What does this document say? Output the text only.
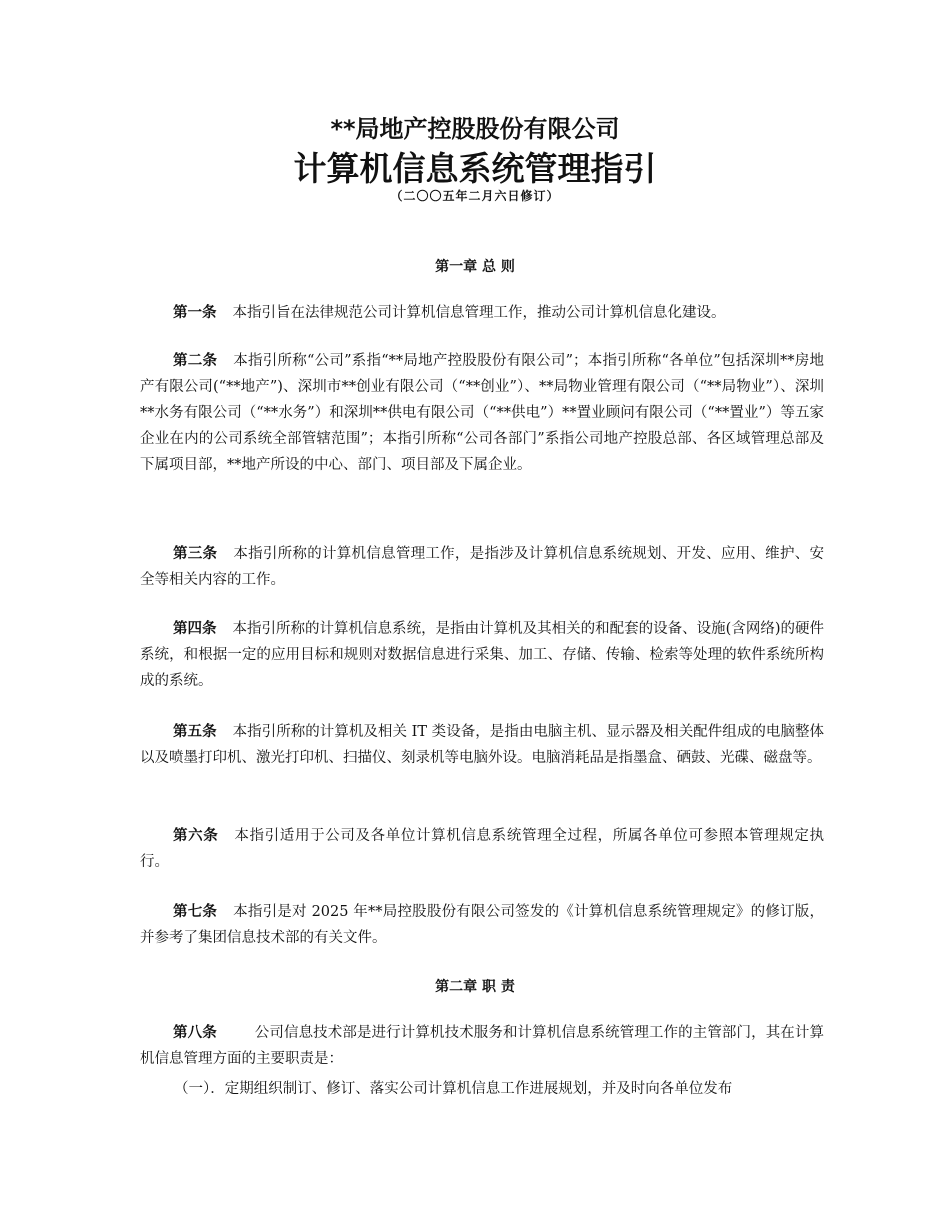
**局地产控股股份有限公司
计算机信息系统管理指引
（二〇〇五年二月六日修订）
第一章 总 则

第一条 本指引旨在法律规范公司计算机信息管理工作，推动公司计算机信息化建设。

第二条 本指引所称“公司”系指“**局地产控股股份有限公司”；本指引所称“各单位”包括深圳**房地产有限公司(“**地产”)、深圳市**创业有限公司（“**创业”）、**局物业管理有限公司（“**局物业”）、深圳**水务有限公司（“**水务”）和深圳**供电有限公司（“**供电”）**置业顾问有限公司（“**置业”）等五家企业在内的公司系统全部管辖范围”；本指引所称“公司各部门”系指公司地产控股总部、各区域管理总部及下属项目部，**地产所设的中心、部门、项目部及下属企业。

第三条 本指引所称的计算机信息管理工作，是指涉及计算机信息系统规划、开发、应用、维护、安全等相关内容的工作。

第四条 本指引所称的计算机信息系统，是指由计算机及其相关的和配套的设备、设施(含网络)的硬件系统，和根据一定的应用目标和规则对数据信息进行采集、加工、存储、传输、检索等处理的软件系统所构成的系统。

第五条 本指引所称的计算机及相关 IT 类设备，是指由电脑主机、显示器及相关配件组成的电脑整体以及喷墨打印机、激光打印机、扫描仪、刻录机等电脑外设。电脑消耗品是指墨盒、硒鼓、光碟、磁盘等。

第六条 本指引适用于公司及各单位计算机信息系统管理全过程，所属各单位可参照本管理规定执行。

第七条 本指引是对 2025 年**局控股股份有限公司签发的《计算机信息系统管理规定》的修订版，并参考了集团信息技术部的有关文件。

第二章 职 责

第八条	公司信息技术部是进行计算机技术服务和计算机信息系统管理工作的主管部门，其在计算机信息管理方面的主要职责是：

（一）．定期组织制订、修订、落实公司计算机信息工作进展规划，并及时向各单位发布
